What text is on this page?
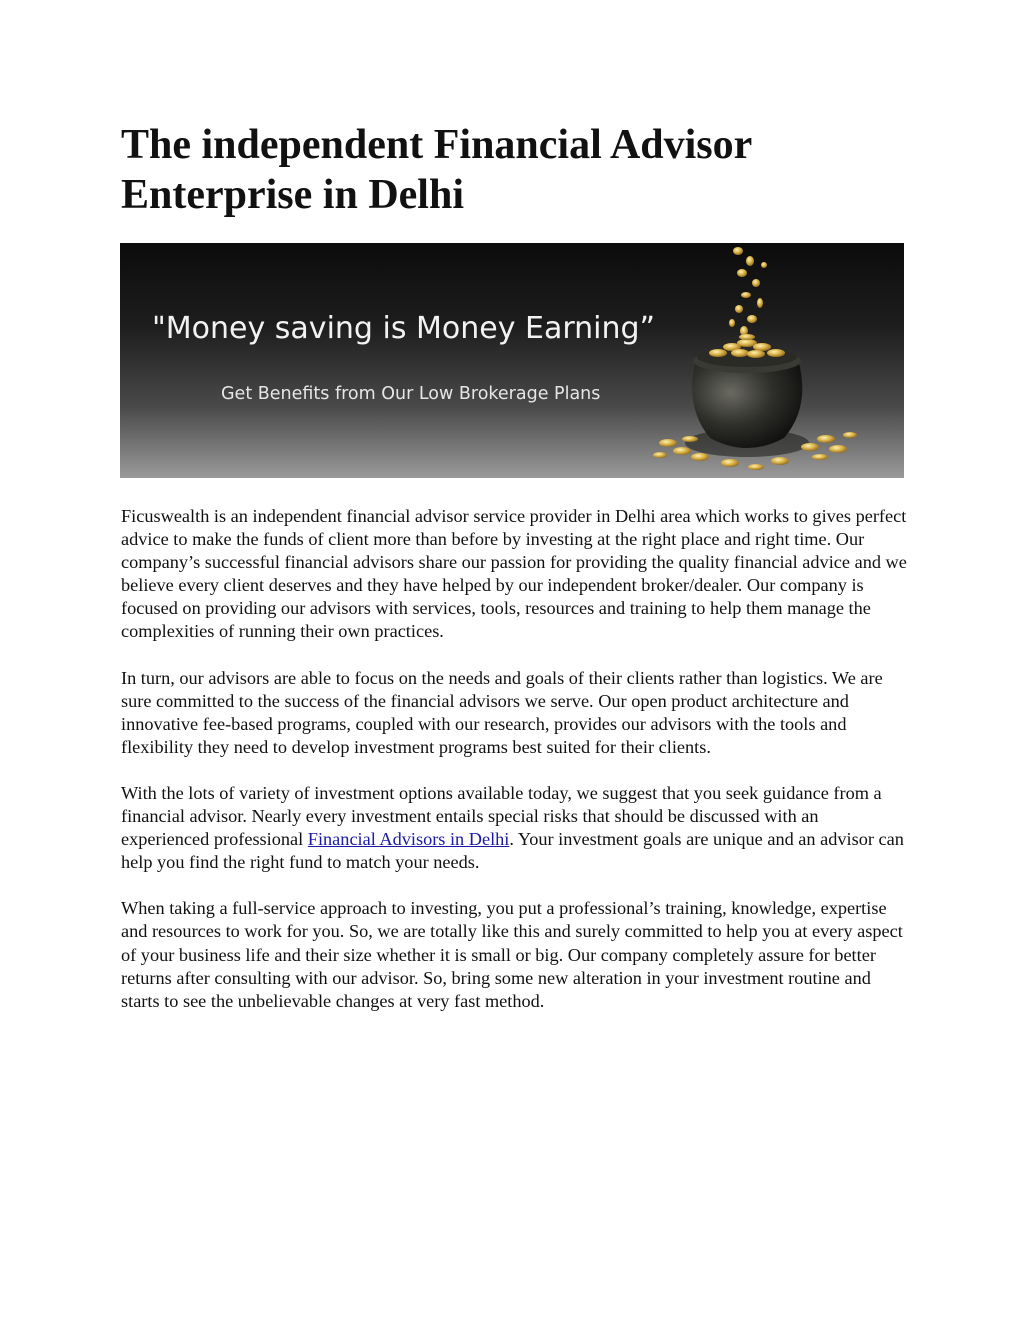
The independent Financial Advisor Enterprise in Delhi

"Money saving is Money Earning”

Get Benefits from Our Low Brokerage Plans

Ficuswealth is an independent financial advisor service provider in Delhi area which works to gives perfect advice to make the funds of client more than before by investing at the right place and right time. Our company’s successful financial advisors share our passion for providing the quality financial advice and we believe every client deserves and they have helped by our independent broker/dealer. Our company is focused on providing our advisors with services, tools, resources and training to help them manage the complexities of running their own practices.

In turn, our advisors are able to focus on the needs and goals of their clients rather than logistics. We are sure committed to the success of the financial advisors we serve. Our open product architecture and innovative fee-based programs, coupled with our research, provides our advisors with the tools and flexibility they need to develop investment programs best suited for their clients.

With the lots of variety of investment options available today, we suggest that you seek guidance from a financial advisor. Nearly every investment entails special risks that should be discussed with an experienced professional Financial Advisors in Delhi. Your investment goals are unique and an advisor can help you find the right fund to match your needs.

When taking a full-service approach to investing, you put a professional’s training, knowledge, expertise and resources to work for you. So, we are totally like this and surely committed to help you at every aspect of your business life and their size whether it is small or big. Our company completely assure for better returns after consulting with our advisor. So, bring some new alteration in your investment routine and starts to see the unbelievable changes at very fast method.
